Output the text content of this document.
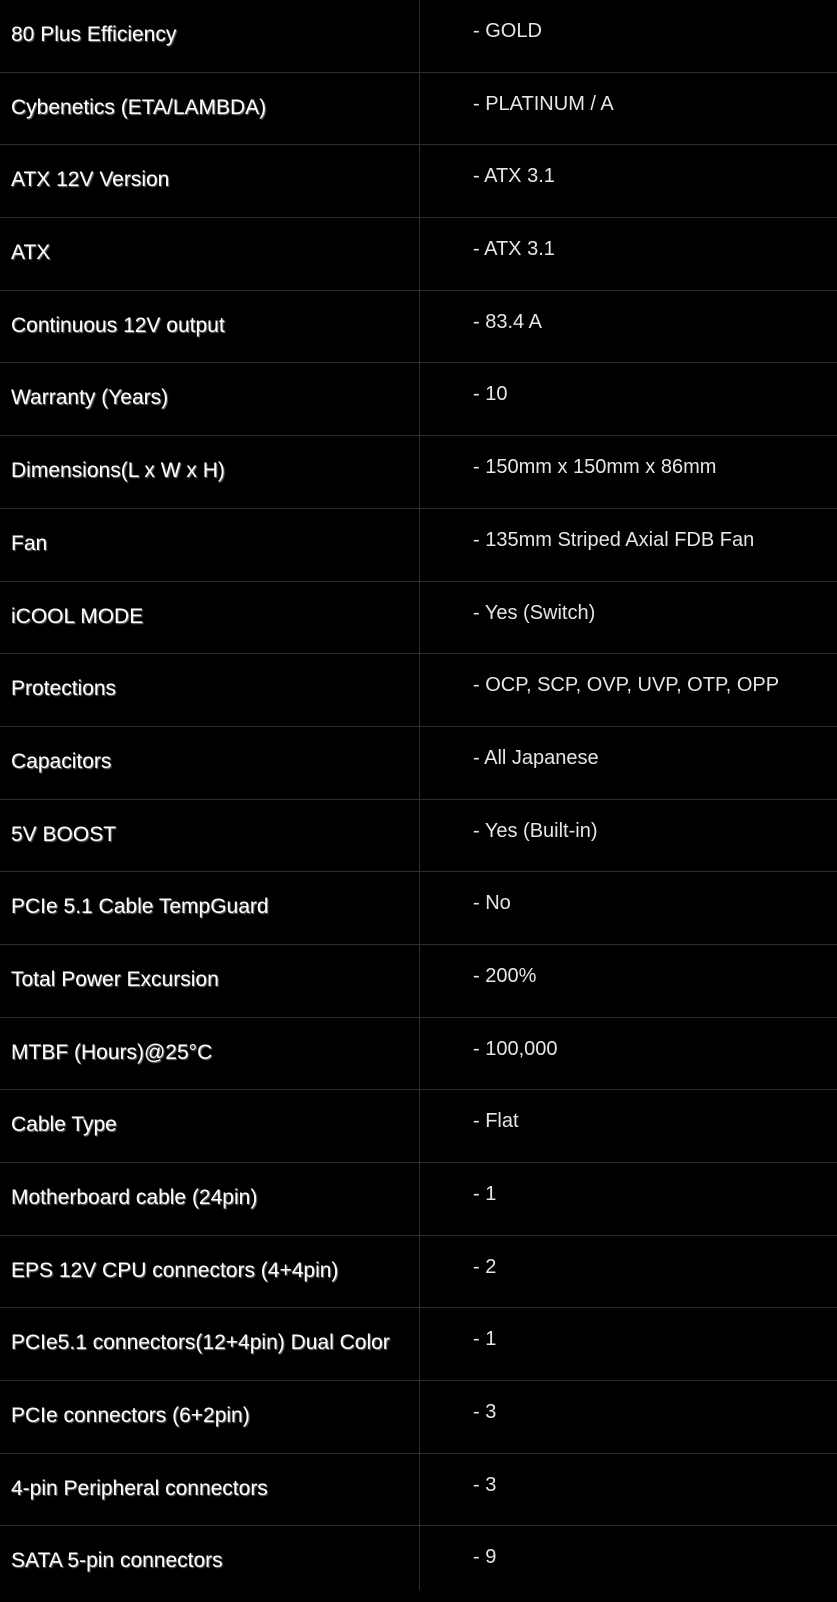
80 Plus Efficiency	- GOLD
Cybenetics (ETA/LAMBDA)	- PLATINUM / A
ATX 12V Version	- ATX 3.1
ATX	- ATX 3.1
Continuous 12V output	- 83.4 A
Warranty (Years)	- 10
Dimensions(L x W x H)	- 150mm x 150mm x 86mm
Fan	- 135mm Striped Axial FDB Fan
iCOOL MODE	- Yes (Switch)
Protections	- OCP, SCP, OVP, UVP, OTP, OPP
Capacitors	- All Japanese
5V BOOST	- Yes (Built-in)
PCIe 5.1 Cable TempGuard	- No
Total Power Excursion	- 200%
MTBF (Hours)@25°C	- 100,000
Cable Type	- Flat
Motherboard cable (24pin)	- 1
EPS 12V CPU connectors (4+4pin)	- 2
PCIe5.1 connectors(12+4pin) Dual Color	- 1
PCIe connectors (6+2pin)	- 3
4-pin Peripheral connectors	- 3
SATA 5-pin connectors	- 9
